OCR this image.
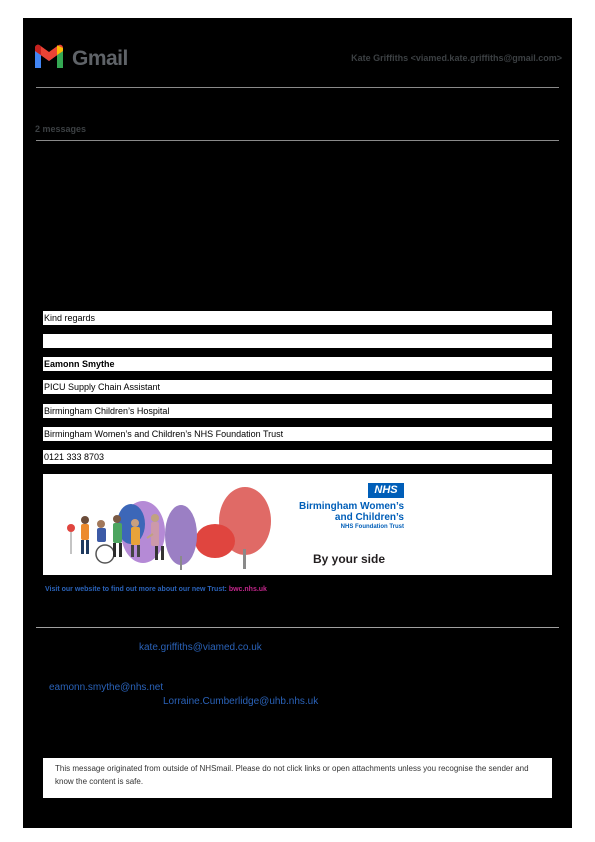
Gmail	Kate Griffiths <viamed.kate.griffiths@gmail.com>
2 messages
Kind regards
Eamonn Smythe
PICU Supply Chain Assistant
Birmingham Children’s Hospital
Birmingham Women’s and Children’s NHS Foundation Trust
0121 333 8703
NHS
Birmingham Women’s
and Children’s
NHS Foundation Trust
By your side
Visit our website to find out more about our new Trust: bwc.nhs.uk
kate.griffiths@viamed.co.uk
eamonn.smythe@nhs.net
Lorraine.Cumberlidge@uhb.nhs.uk
This message originated from outside of NHSmail. Please do not click links or open attachments unless you recognise the sender and know the content is safe.
